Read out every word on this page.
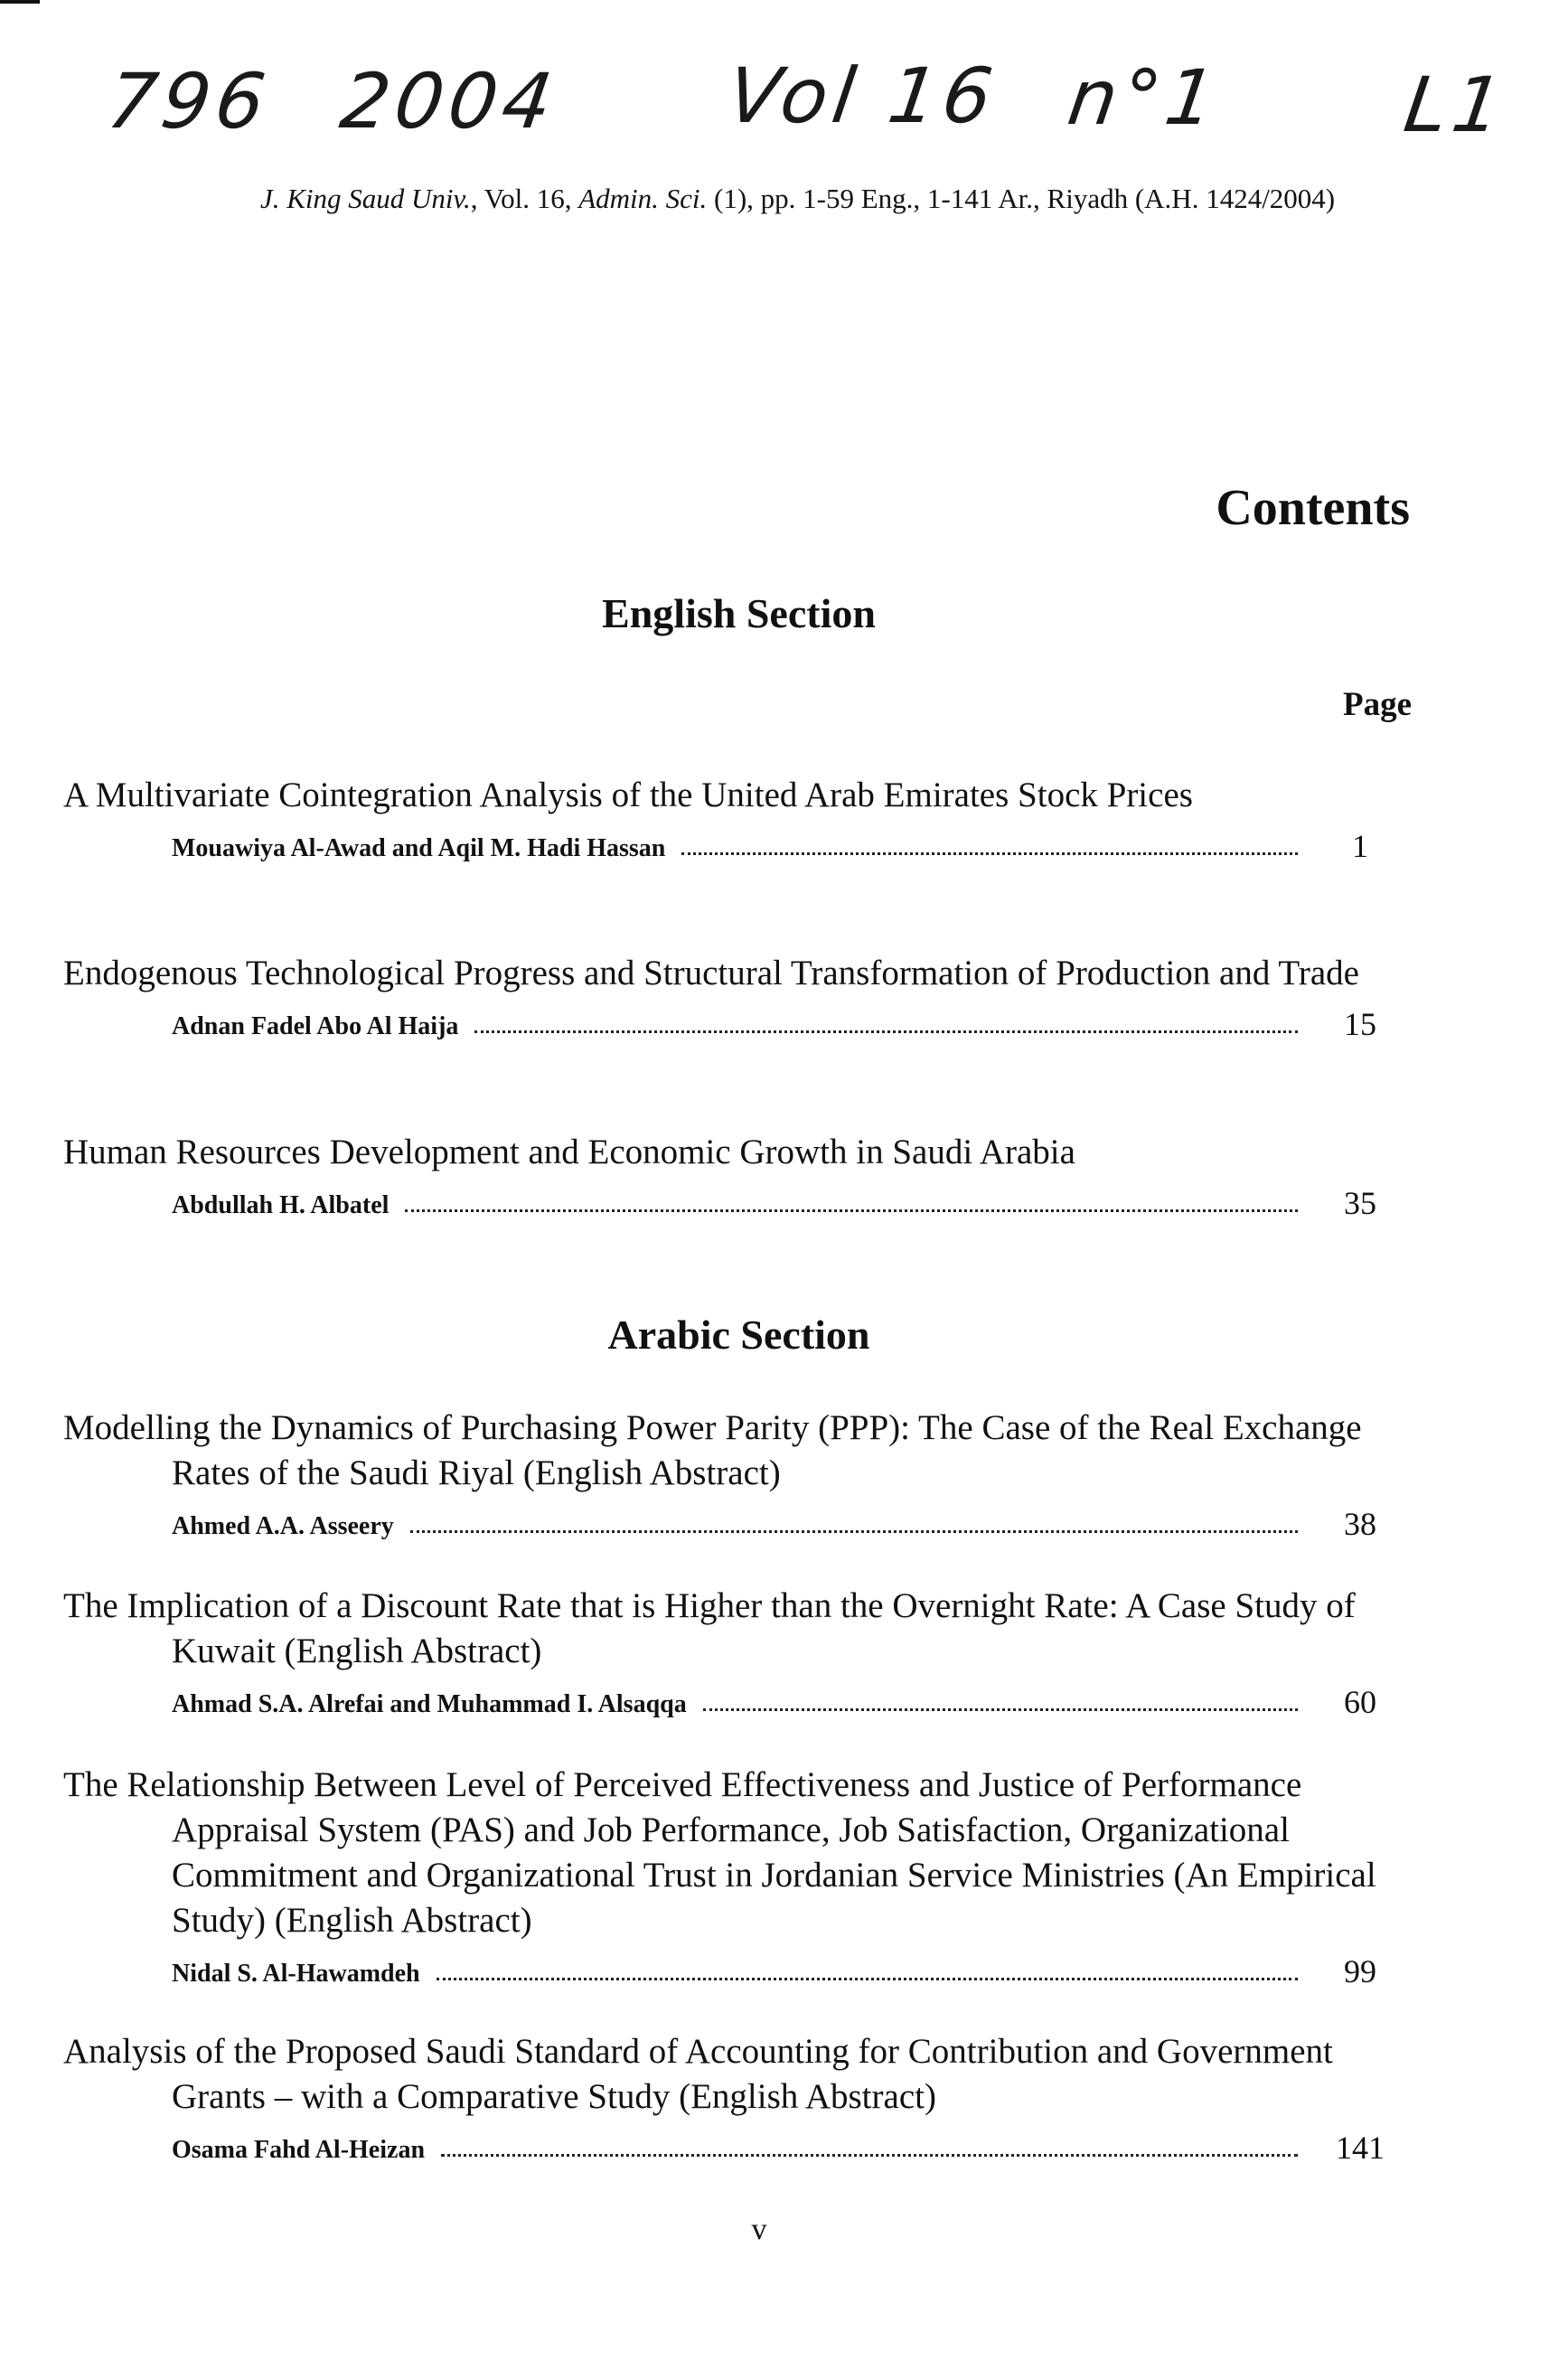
796 2004 Vol 16 n°1 L1
J. King Saud Univ., Vol. 16, Admin. Sci. (1), pp. 1-59 Eng., 1-141 Ar., Riyadh (A.H. 1424/2004)
Contents
English Section
Page
A Multivariate Cointegration Analysis of the United Arab Emirates Stock Prices
Mouawiya Al-Awad and Aqil M. Hadi Hassan	1
Endogenous Technological Progress and Structural Transformation of Production and Trade
Adnan Fadel Abo Al Haija	15
Human Resources Development and Economic Growth in Saudi Arabia
Abdullah H. Albatel	35
Arabic Section
Modelling the Dynamics of Purchasing Power Parity (PPP): The Case of the Real Exchange Rates of the Saudi Riyal (English Abstract)
Ahmed A.A. Asseery	38
The Implication of a Discount Rate that is Higher than the Overnight Rate: A Case Study of Kuwait (English Abstract)
Ahmad S.A. Alrefai and Muhammad I. Alsaqqa	60
The Relationship Between Level of Perceived Effectiveness and Justice of Performance Appraisal System (PAS) and Job Performance, Job Satisfaction, Organizational Commitment and Organizational Trust in Jordanian Service Ministries (An Empirical Study) (English Abstract)
Nidal S. Al-Hawamdeh	99
Analysis of the Proposed Saudi Standard of Accounting for Contribution and Government Grants – with a Comparative Study (English Abstract)
Osama Fahd Al-Heizan	141
v
